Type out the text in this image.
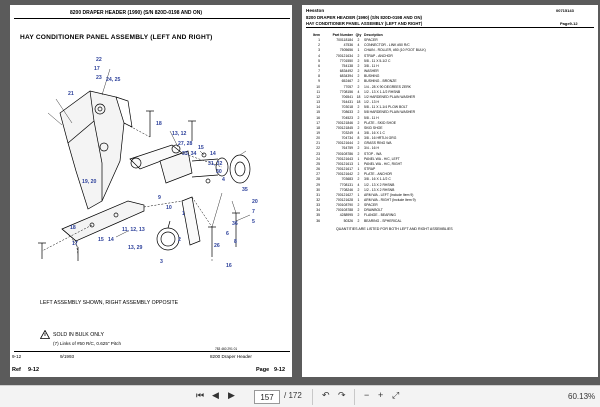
8200 DRAPER HEADER (1990) (S/N 820D-0198 AND ON)
HAY CONDITIONER PANEL ASSEMBLY (LEFT AND RIGHT)
22
17
23 24, 25
21
18
13, 12
27, 28
15
14
33, 34
31, 32
30
4
35
20
7
5
36
19, 20
9
10
1
6
8
2
26
11, 12, 13
3
16
18
17
15 14
13, 29
LEFT ASSEMBLY SHOWN, RIGHT ASSEMBLY OPPOSITE
SOLD IN BULK ONLY
(7) Links of #50 R/C, 0.625" Pitch
9-12	9/1993
783 460 291 01
8200 Draper Header
Ref 9-12	Page 9-12
Hesston	00715143
8200 DRAPER HEADER (1990) (S/N 820D-0198 AND ON)
HAY CONDITIONER PANEL ASSEMBLY (LEFT AND RIGHT)	Page9-12
Item	Part Number	Qty	Description
1	700118184	2	SPACER
2	47536	4	CONNECTOR - LINK #50 R/C
3	7505656	1	CHAIN - ROLLER, #50 (10 FOOT BULK)
4	700121634	2	STRAP - ANCHOR
5	7701550	2	5/8 - 11 X 5-1/2 C
6	754138	2	3/8 - 11 H
7	6834492	2	WASHER
8	6834394	2	BUSHING
9	652467	2	BUSHING - BRONZE
10	77057	2	1/4 - 28 X 90 DEGREES ZERK
11	7708156	4	1/2 - 13 X 1-1/2 RHSNB
12	706541	18	1/2 HARDENED PLAIN WASHER
13	764431	18	1/2 - 13 H
14	703018	2	5/8 - 11 X 1-1/4 PLOW BOLT
15	708633	2	5/8 HARDENED PLAIN WASHER
16	704523	2	5/8 - 11 H
17	700121846	2	PLATE - SKID SHOE
18	700121845	2	SKID SHOE
19	703249	4	3/8 - 16 X 1 C
20	704734	8	3/8 - 16 HRTLN GRG
21	700121644	2	GRASS RING WA
22	764759	2	3/4 - 16 H
23	700108786	2	STOP - WA
24	700121643	1	PANEL WA - H/C, LEFT
25	700121613	1	PANEL WA - H/C, RIGHT
26	700121617	1	STRAP
27	700121642	2	PLATE - ANCHOR
28	703683	2	3/8 - 16 X 1-1/2 C
29	7708131	4	1/2 - 13 X 2 RHSNB
30	7708246	2	1/2 - 13 X 2 RHSNB
31	700121627	1	ARM WA - LEFT (Include Item 9)
32	700121628	1	ARM WA - RIGHT (Include Item 9)
33	700108790	2	SPACER
34	700108788	2	DRAWBOLT
35	4288995	2	FLANGE - BEARING
36	50326	2	BEARING - SPHERICAL
QUANTITIES ARE LISTED FOR BOTH LEFT AND RIGHT ASSEMBLIES
⏮ ◀ ▶
157	/ 172 ↶ ↷ − + ⤢	60.13%
